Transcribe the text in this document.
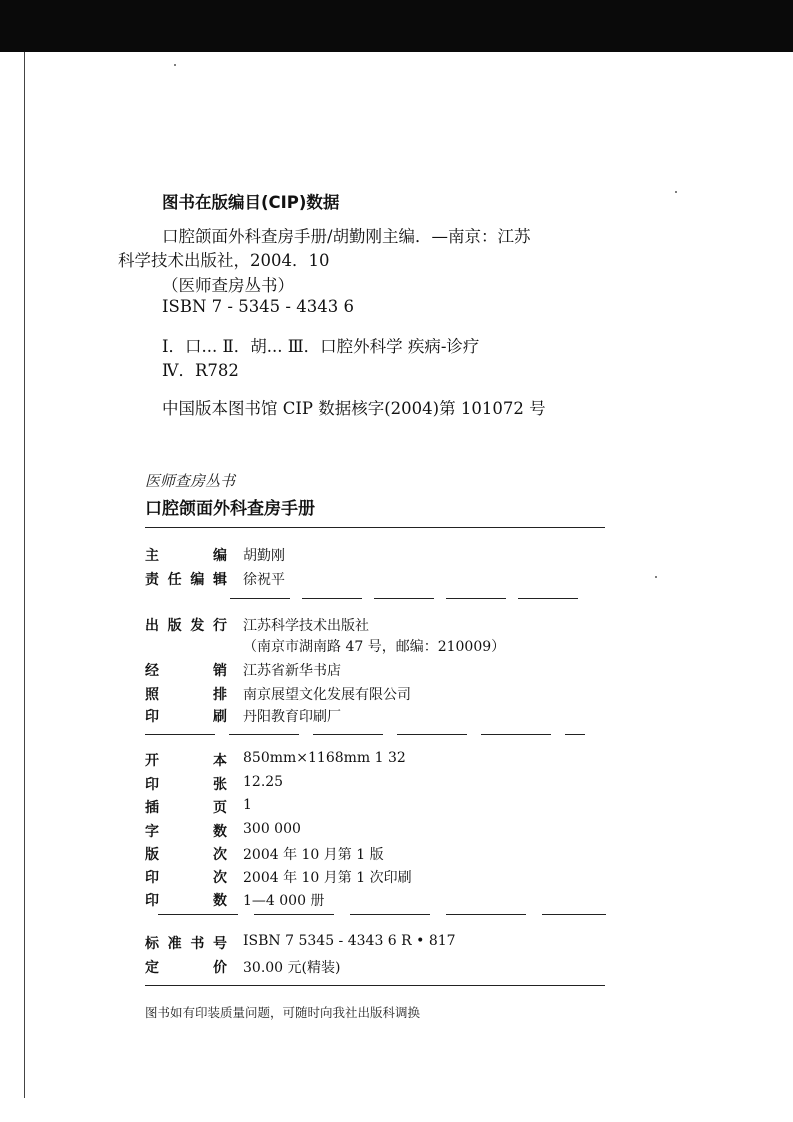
图书在版编目(CIP)数据
口腔颌面外科查房手册/胡勤刚主编．—南京：江苏
科学技术出版社，2004．10
（医师查房丛书）
ISBN 7 - 5345 - 4343 6
Ⅰ．口... Ⅱ．胡... Ⅲ．口腔外科学 疾病-诊疗
Ⅳ．R782
中国版本图书馆 CIP 数据核字(2004)第 101072 号
医师查房丛书
口腔颌面外科查房手册
主　编 胡勤刚
责任编辑 徐祝平
出版发行 江苏科学技术出版社
（南京市湖南路 47 号，邮编：210009）
经　销 江苏省新华书店
照　排 南京展望文化发展有限公司
印　刷 丹阳教育印刷厂
开　本 850mm×1168mm 1 32
印　张 12.25
插　页 1
字　数 300 000
版　次 2004 年 10 月第 1 版
印　次 2004 年 10 月第 1 次印刷
印　数 1—4 000 册
标准书号 ISBN 7 5345 - 4343 6 R • 817
定　价 30.00 元(精装)
图书如有印装质量问题，可随时向我社出版科调换
